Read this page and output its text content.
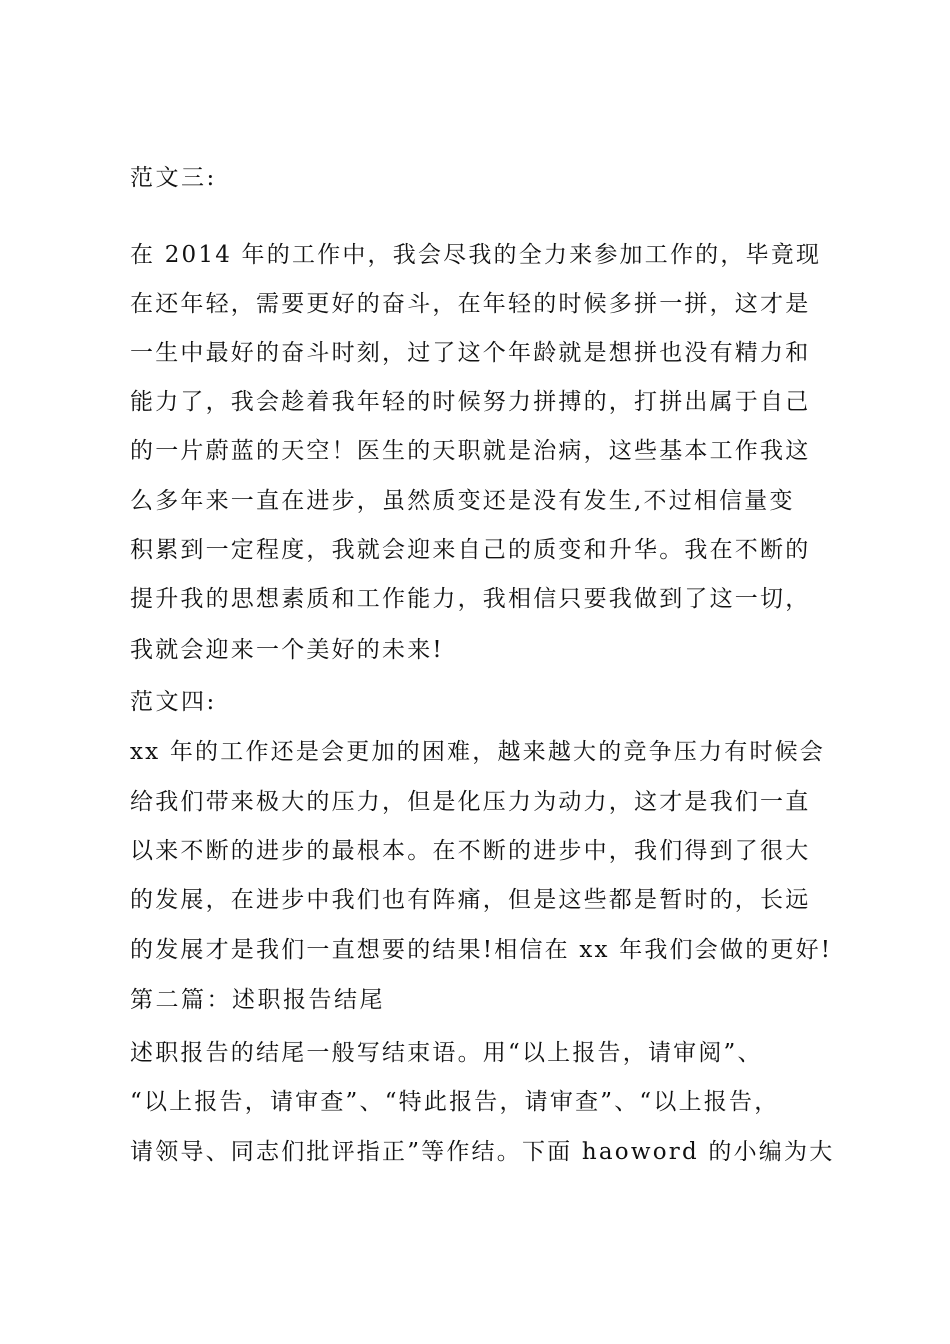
范文三:
在 2014 年的工作中，我会尽我的全力来参加工作的，毕竟现
在还年轻，需要更好的奋斗，在年轻的时候多拼一拼，这才是
一生中最好的奋斗时刻，过了这个年龄就是想拼也没有精力和
能力了，我会趁着我年轻的时候努力拼搏的，打拼出属于自己
的一片蔚蓝的天空！医生的天职就是治病，这些基本工作我这
么多年来一直在进步，虽然质变还是没有发生,不过相信量变
积累到一定程度，我就会迎来自己的质变和升华。我在不断的
提升我的思想素质和工作能力，我相信只要我做到了这一切，
我就会迎来一个美好的未来!
范文四:
xx 年的工作还是会更加的困难，越来越大的竞争压力有时候会
给我们带来极大的压力，但是化压力为动力，这才是我们一直
以来不断的进步的最根本。在不断的进步中，我们得到了很大
的发展，在进步中我们也有阵痛，但是这些都是暂时的，长远
的发展才是我们一直想要的结果!相信在 xx 年我们会做的更好!
第二篇：述职报告结尾
述职报告的结尾一般写结束语。用“以上报告，请审阅”、
“以上报告，请审查”、“特此报告，请审查”、“以上报告，
请领导、同志们批评指正”等作结。下面 haoword 的小编为大
